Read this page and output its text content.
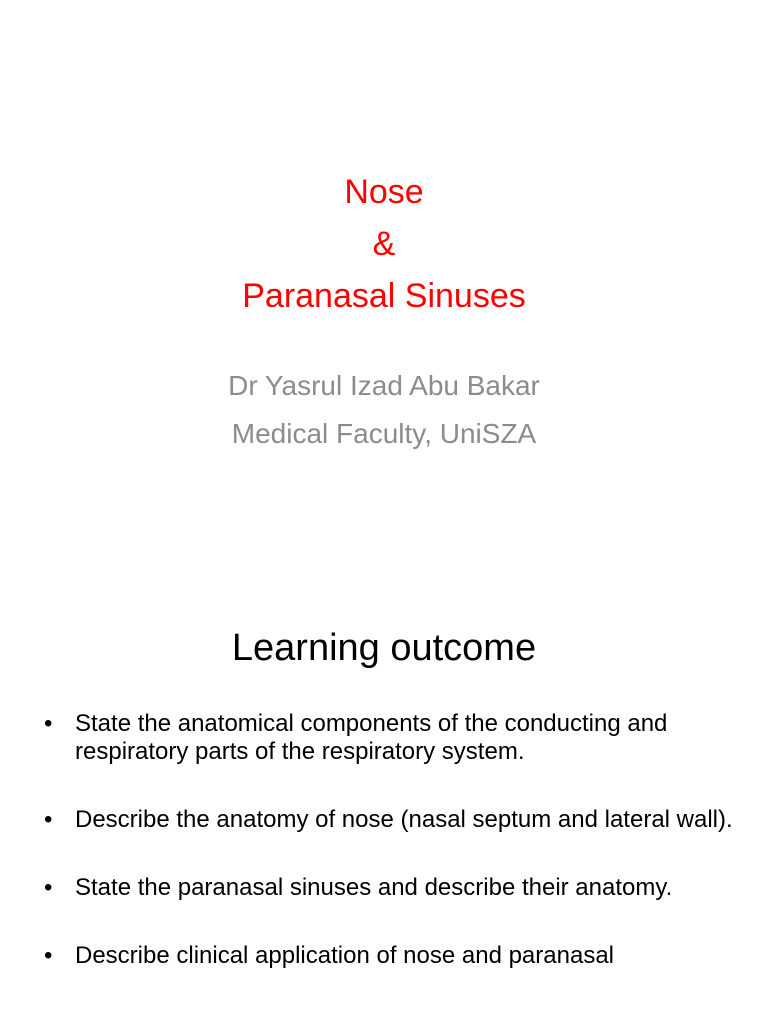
Nose
&
Paranasal Sinuses
Dr Yasrul Izad Abu Bakar
Medical Faculty, UniSZA
Learning outcome
• State the anatomical components of the conducting and respiratory parts of the respiratory system.
• Describe the anatomy of nose (nasal septum and lateral wall).
• State the paranasal sinuses and describe their anatomy.
• Describe clinical application of nose and paranasal
